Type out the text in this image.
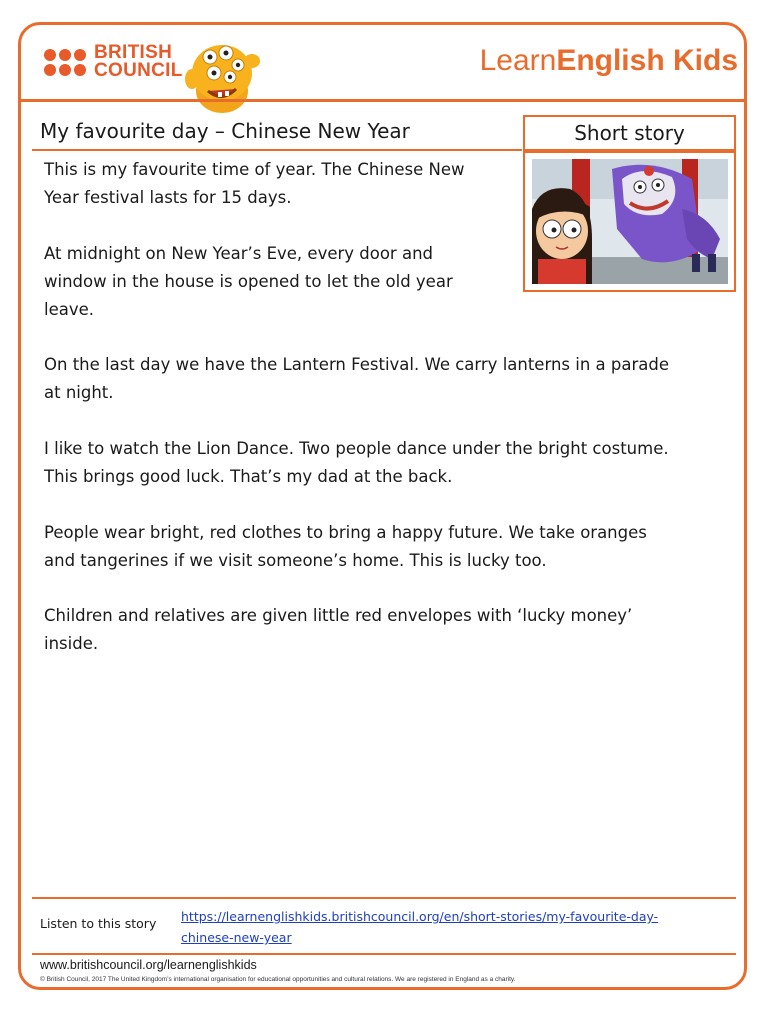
BRITISH
COUNCIL	LearnEnglish Kids
My favourite day – Chinese New Year	Short story

This is my favourite time of year. The Chinese New
Year festival lasts for 15 days.

At midnight on New Year’s Eve, every door and
window in the house is opened to let the old year
leave.

On the last day we have the Lantern Festival. We carry lanterns in a parade
at night.

I like to watch the Lion Dance. Two people dance under the bright costume.
This brings good luck. That’s my dad at the back.

People wear bright, red clothes to bring a happy future. We take oranges
and tangerines if we visit someone’s home. This is lucky too.

Children and relatives are given little red envelopes with ‘lucky money’
inside.

Listen to this story https://learnenglishkids.britishcouncil.org/en/short-stories/my-favourite-day-
chinese-new-year
www.britishcouncil.org/learnenglishkids
© British Council, 2017 The United Kingdom’s international organisation for educational opportunities and cultural relations. We are registered in England as a charity.
